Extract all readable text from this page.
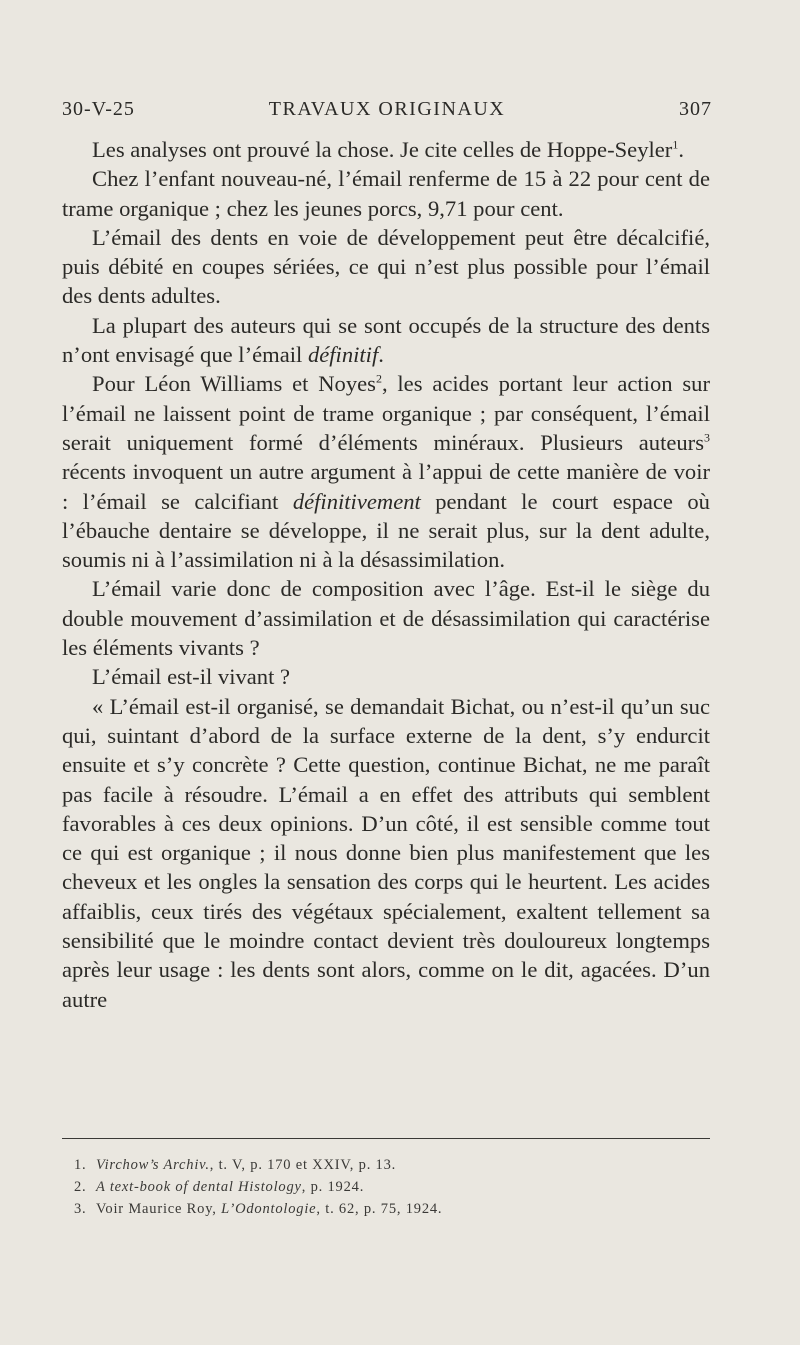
30-V-25	TRAVAUX ORIGINAUX	307

Les analyses ont prouvé la chose. Je cite celles de Hoppe-Seyler$^1$.

Chez l’enfant nouveau-né, l’émail renferme de 15 à 22 pour cent de trame organique ; chez les jeunes porcs, 9,71 pour cent.

L’émail des dents en voie de développement peut être décalcifié, puis débité en coupes sériées, ce qui n’est plus possible pour l’émail des dents adultes.

La plupart des auteurs qui se sont occupés de la structure des dents n’ont envisagé que l’émail définitif.

Pour Léon Williams et Noyes$^2$, les acides portant leur action sur l’émail ne laissent point de trame organique ; par conséquent, l’émail serait uniquement formé d’éléments minéraux. Plusieurs auteurs$^3$ récents invoquent un autre argument à l’appui de cette manière de voir : l’émail se calcifiant définitivement pendant le court espace où l’ébauche dentaire se développe, il ne serait plus, sur la dent adulte, soumis ni à l’assimilation ni à la désassimilation.

L’émail varie donc de composition avec l’âge. Est-il le siège du double mouvement d’assimilation et de désassimilation qui caractérise les éléments vivants ?

L’émail est-il vivant ?

« L’émail est-il organisé, se demandait Bichat, ou n’est-il qu’un suc qui, suintant d’abord de la surface externe de la dent, s’y endurcit ensuite et s’y concrète ? Cette question, continue Bichat, ne me paraît pas facile à résoudre. L’émail a en effet des attributs qui semblent favorables à ces deux opinions. D’un côté, il est sensible comme tout ce qui est organique ; il nous donne bien plus manifestement que les cheveux et les ongles la sensation des corps qui le heurtent. Les acides affaiblis, ceux tirés des végétaux spécialement, exaltent tellement sa sensibilité que le moindre contact devient très douloureux longtemps après leur usage : les dents sont alors, comme on le dit, agacées. D’un autre

1. Virchow’s Archiv., t. V, p. 170 et XXIV, p. 13.
2. A text-book of dental Histology, p. 1924.
3. Voir Maurice Roy, L’Odontologie, t. 62, p. 75, 1924.
